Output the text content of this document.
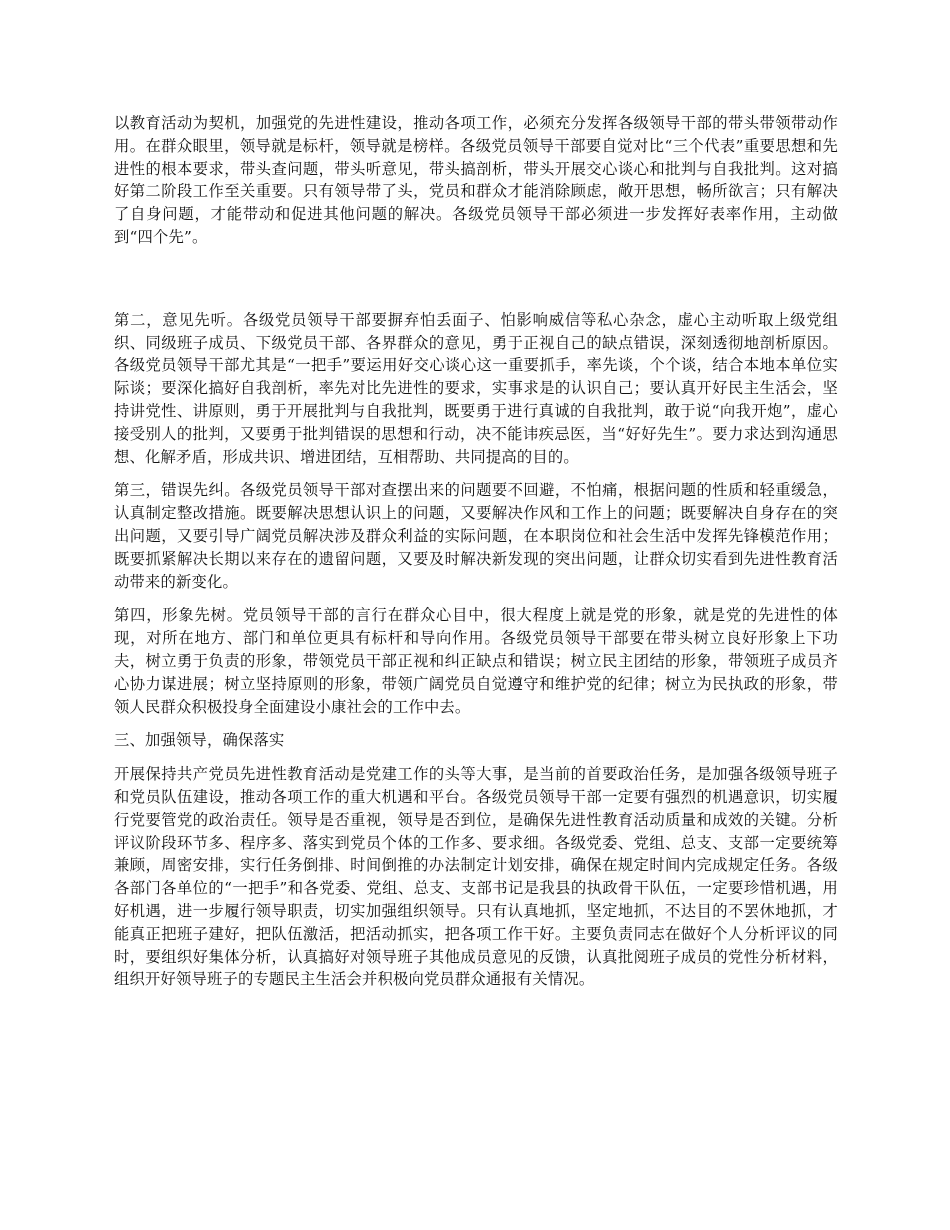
以教育活动为契机，加强党的先进性建设，推动各项工作，必须充分发挥各级领导干部的带头带领带动作用。在群众眼里，领导就是标杆，领导就是榜样。各级党员领导干部要自觉对比“三个代表”重要思想和先进性的根本要求，带头查问题，带头听意见，带头搞剖析，带头开展交心谈心和批判与自我批判。这对搞好第二阶段工作至关重要。只有领导带了头，党员和群众才能消除顾虑，敞开思想，畅所欲言；只有解决了自身问题，才能带动和促进其他问题的解决。各级党员领导干部必须进一步发挥好表率作用，主动做到“四个先”。

第二，意见先听。各级党员领导干部要摒弃怕丢面子、怕影响威信等私心杂念，虚心主动听取上级党组织、同级班子成员、下级党员干部、各界群众的意见，勇于正视自己的缺点错误，深刻透彻地剖析原因。各级党员领导干部尤其是“一把手”要运用好交心谈心这一重要抓手，率先谈，个个谈，结合本地本单位实际谈；要深化搞好自我剖析，率先对比先进性的要求，实事求是的认识自己；要认真开好民主生活会，坚持讲党性、讲原则，勇于开展批判与自我批判，既要勇于进行真诚的自我批判，敢于说“向我开炮”，虚心接受别人的批判，又要勇于批判错误的思想和行动，决不能讳疾忌医，当“好好先生”。要力求达到沟通思想、化解矛盾，形成共识、增进团结，互相帮助、共同提高的目的。

第三，错误先纠。各级党员领导干部对查摆出来的问题要不回避，不怕痛，根据问题的性质和轻重缓急，认真制定整改措施。既要解决思想认识上的问题，又要解决作风和工作上的问题；既要解决自身存在的突出问题，又要引导广阔党员解决涉及群众利益的实际问题，在本职岗位和社会生活中发挥先锋模范作用；既要抓紧解决长期以来存在的遗留问题，又要及时解决新发现的突出问题，让群众切实看到先进性教育活动带来的新变化。

第四，形象先树。党员领导干部的言行在群众心目中，很大程度上就是党的形象，就是党的先进性的体现，对所在地方、部门和单位更具有标杆和导向作用。各级党员领导干部要在带头树立良好形象上下功夫，树立勇于负责的形象，带领党员干部正视和纠正缺点和错误；树立民主团结的形象，带领班子成员齐心协力谋进展；树立坚持原则的形象，带领广阔党员自觉遵守和维护党的纪律；树立为民执政的形象，带领人民群众积极投身全面建设小康社会的工作中去。

三、加强领导，确保落实

开展保持共产党员先进性教育活动是党建工作的头等大事，是当前的首要政治任务，是加强各级领导班子和党员队伍建设，推动各项工作的重大机遇和平台。各级党员领导干部一定要有强烈的机遇意识，切实履行党要管党的政治责任。领导是否重视，领导是否到位，是确保先进性教育活动质量和成效的关键。分析评议阶段环节多、程序多、落实到党员个体的工作多、要求细。各级党委、党组、总支、支部一定要统筹兼顾，周密安排，实行任务倒排、时间倒推的办法制定计划安排，确保在规定时间内完成规定任务。各级各部门各单位的“一把手”和各党委、党组、总支、支部书记是我县的执政骨干队伍，一定要珍惜机遇，用好机遇，进一步履行领导职责，切实加强组织领导。只有认真地抓，坚定地抓，不达目的不罢休地抓，才能真正把班子建好，把队伍激活，把活动抓实，把各项工作干好。主要负责同志在做好个人分析评议的同时，要组织好集体分析，认真搞好对领导班子其他成员意见的反馈，认真批阅班子成员的党性分析材料，组织开好领导班子的专题民主生活会并积极向党员群众通报有关情况。
